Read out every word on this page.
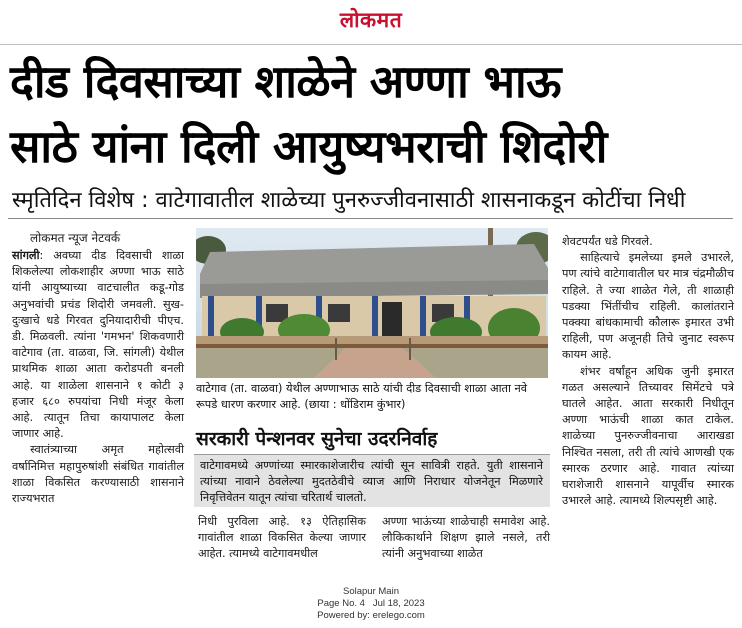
लोकमत
दीड दिवसाच्या शाळेने अण्णा भाऊ
साठे यांना दिली आयुष्यभराची शिदोरी
स्मृतिदिन विशेष : वाटेगावातील शाळेच्या पुनरुज्जीवनासाठी शासनाकडून कोटींचा निधी
लोकमत न्यूज नेटवर्क

सांगली: अवघ्या दीड दिवसाची शाळा शिकलेल्या लोकशाहीर अण्णा भाऊ साठे यांनी आयुष्याच्या वाटचालीत कडू-गोड अनुभवांची प्रचंड शिदोरी जमवली. सुख-दुःखाचे धडे गिरवत दुनियादारीची पीएच. डी. मिळवली. त्यांना 'गमभन' शिकवणारी वाटेगाव (ता. वाळवा, जि. सांगली) येथील प्राथमिक शाळा आता करोडपती बनली आहे. या शाळेला शासनाने १ कोटी ३ हजार ६८० रुपयांचा निधी मंजूर केला आहे. त्यातून तिचा कायापालट केला जाणार आहे.

स्वातंत्र्याच्या अमृत महोत्सवी वर्षानिमित्त महापुरुषांशी संबंधित गावांतील शाळा विकसित करण्यासाठी शासनाने राज्यभरात

वाटेगाव (ता. वाळवा) येथील अण्णाभाऊ साठे यांची दीड दिवसाची शाळा आता नवे रूपडे धारण करणार आहे. (छाया : धोंडिराम कुंभार)
सरकारी पेन्शनवर सुनेचा उदरनिर्वाह
वाटेगावमध्ये अण्णांच्या स्मारकाशेजारीच त्यांची सून सावित्री राहते. युती शासनाने त्यांच्या नावाने ठेवलेल्या मुदतठेवीचे व्याज आणि निराधार योजनेतून मिळणारे निवृत्तिवेतन यातून त्यांचा चरितार्थ चालतो.
निधी पुरविला आहे. १३ ऐतिहासिक गावांतील शाळा विकसित केल्या जाणार आहेत. त्यामध्ये वाटेगावमधील
अण्णा भाऊंच्या शाळेचाही समावेश आहे. लौकिकार्थाने शिक्षण झाले नसले, तरी त्यांनी अनुभवाच्या शाळेत

शेवटपर्यंत धडे गिरवले.

साहित्याचे इमलेच्या इमले उभारले, पण त्यांचे वाटेगावातील घर मात्र चंद्रमौळीच राहिले. ते ज्या शाळेत गेले, ती शाळाही पडक्या भिंतींचीच राहिली. कालांतराने पक्क्या बांधकामाची कौलारू इमारत उभी राहिली, पण अजूनही तिचे जुनाट स्वरूप कायम आहे.

शंभर वर्षांहून अधिक जुनी इमारत गळत असल्याने तिच्यावर सिमेंटचे पत्रे घातले आहेत. आता सरकारी निधीतून अण्णा भाऊंची शाळा कात टाकेल. शाळेच्या पुनरुज्जीवनाचा आराखडा निश्चित नसला, तरी ती त्यांचे आणखी एक स्मारक ठरणार आहे. गावात त्यांच्या घराशेजारी शासनाने यापूर्वीच स्मारक उभारले आहे. त्यामध्ये शिल्पसृष्टी आहे.

Solapur Main
Page No. 4   Jul 18, 2023
Powered by: erelego.com
